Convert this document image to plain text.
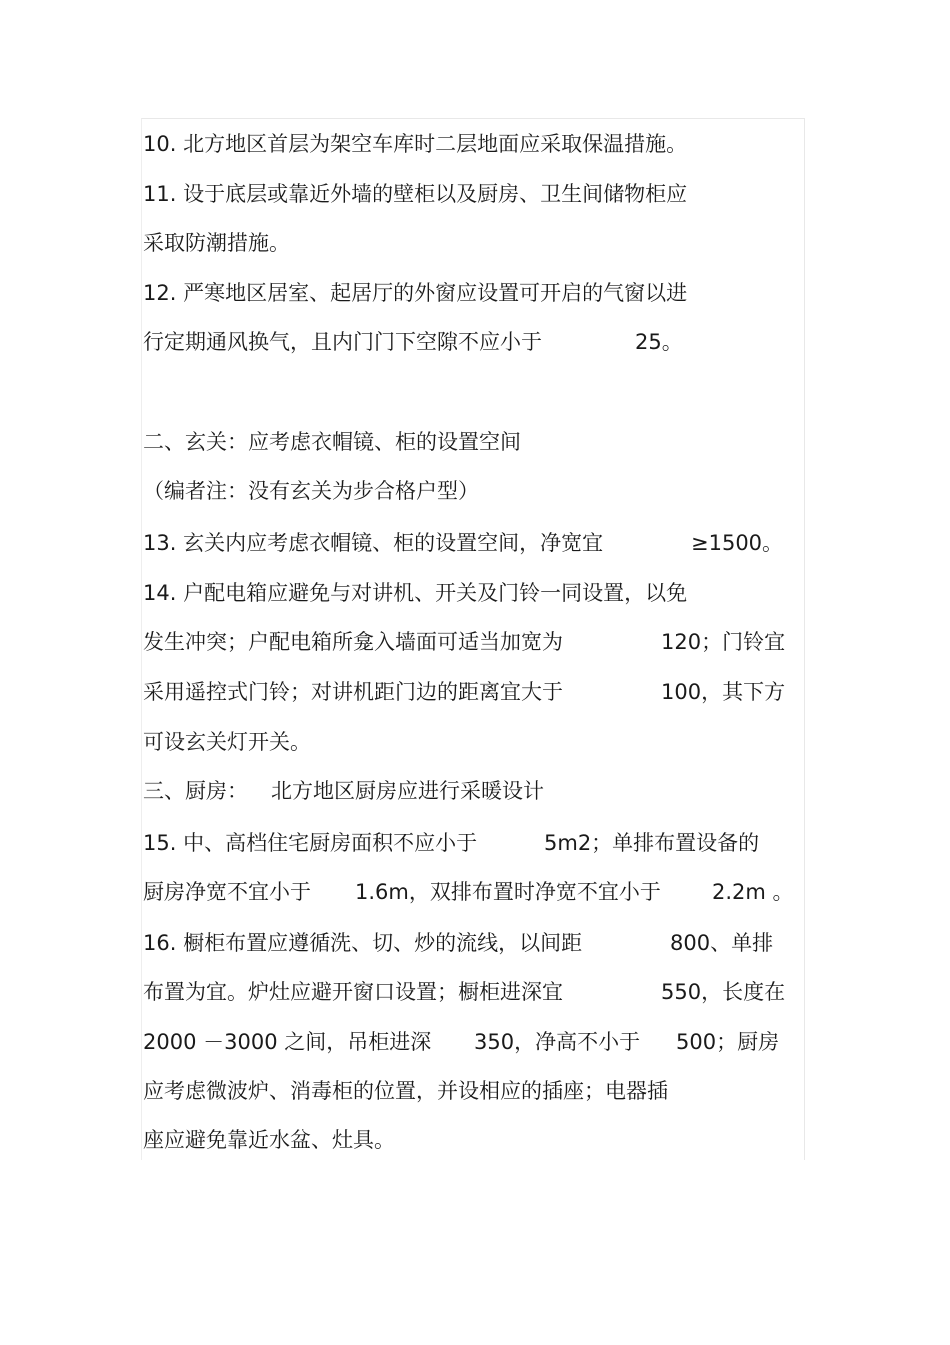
10. 北方地区首层为架空车库时二层地面应采取保温措施。
11. 设于底层或靠近外墙的壁柜以及厨房、卫生间储物柜应
采取防潮措施。
12. 严寒地区居室、起居厅的外窗应设置可开启的气窗以进
行定期通风换气，且内门门下空隙不应小于	25。
二、玄关：应考虑衣帽镜、柜的设置空间
（编者注：没有玄关为步合格户型）
13. 玄关内应考虑衣帽镜、柜的设置空间，净宽宜	≥1500。
14. 户配电箱应避免与对讲机、开关及门铃一同设置，以免
发生冲突；户配电箱所龛入墙面可适当加宽为	120；门铃宜
采用遥控式门铃；对讲机距门边的距离宜大于	100，其下方
可设玄关灯开关。
三、厨房： 北方地区厨房应进行采暖设计
15. 中、高档住宅厨房面积不应小于	5m2；单排布置设备的
厨房净宽不宜小于 1.6m，双排布置时净宽不宜小于 2.2m 。
16. 橱柜布置应遵循洗、切、炒的流线，以间距	800、单排
布置为宜。炉灶应避开窗口设置；橱柜进深宜	550，长度在
2000 －3000 之间，吊柜进深 350，净高不小于 500；厨房
应考虑微波炉、消毒柜的位置，并设相应的插座；电器插
座应避免靠近水盆、灶具。
